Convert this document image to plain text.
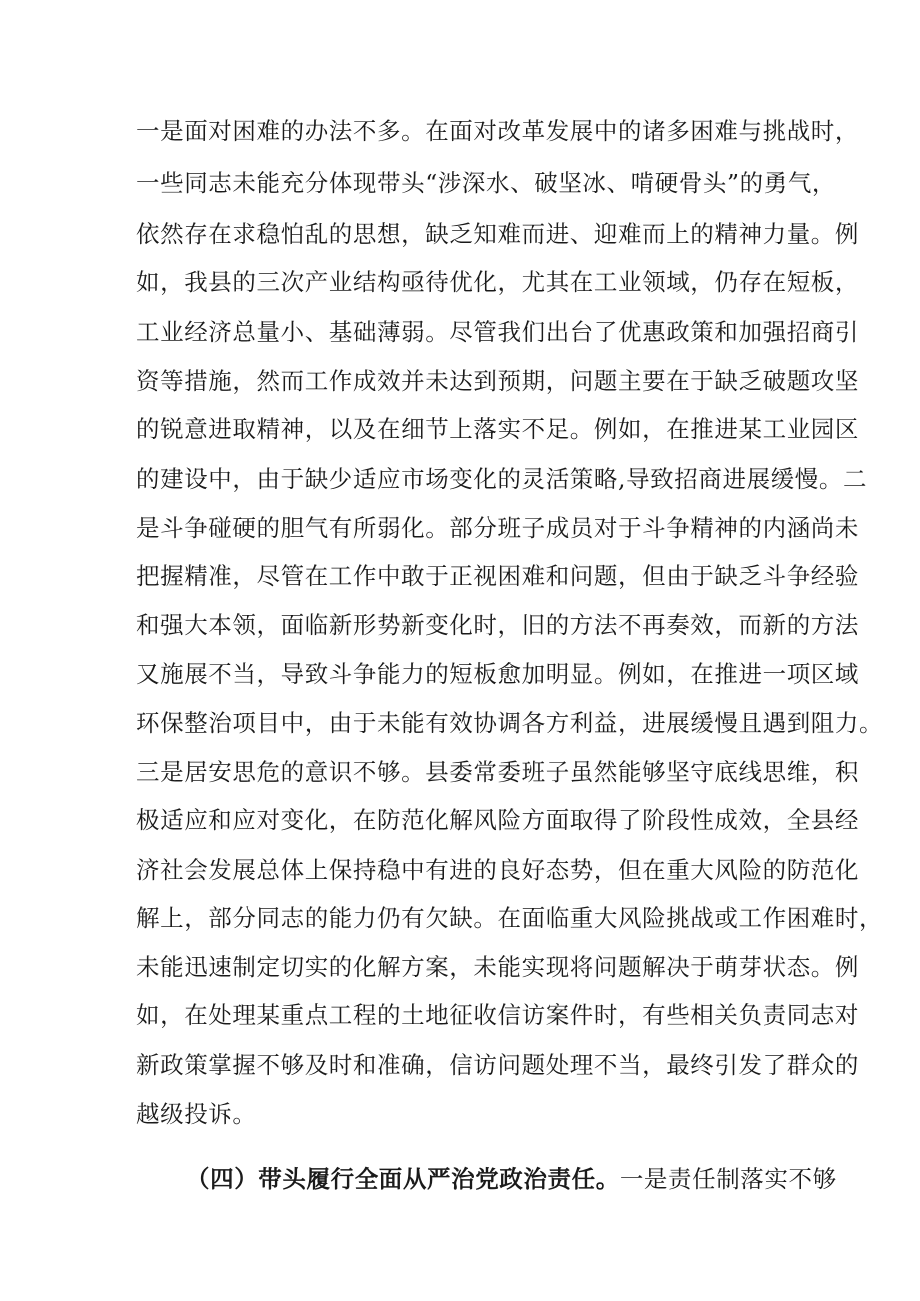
一是面对困难的办法不多。在面对改革发展中的诸多困难与挑战时，
一些同志未能充分体现带头“涉深水、破坚冰、啃硬骨头”的勇气，
依然存在求稳怕乱的思想，缺乏知难而进、迎难而上的精神力量。例
如，我县的三次产业结构亟待优化，尤其在工业领域，仍存在短板，
工业经济总量小、基础薄弱。尽管我们出台了优惠政策和加强招商引
资等措施，然而工作成效并未达到预期，问题主要在于缺乏破题攻坚
的锐意进取精神，以及在细节上落实不足。例如，在推进某工业园区
的建设中，由于缺少适应市场变化的灵活策略,导致招商进展缓慢。二
是斗争碰硬的胆气有所弱化。部分班子成员对于斗争精神的内涵尚未
把握精准，尽管在工作中敢于正视困难和问题，但由于缺乏斗争经验
和强大本领，面临新形势新变化时，旧的方法不再奏效，而新的方法
又施展不当，导致斗争能力的短板愈加明显。例如，在推进一项区域
环保整治项目中，由于未能有效协调各方利益，进展缓慢且遇到阻力。
三是居安思危的意识不够。县委常委班子虽然能够坚守底线思维，积
极适应和应对变化，在防范化解风险方面取得了阶段性成效，全县经
济社会发展总体上保持稳中有进的良好态势，但在重大风险的防范化
解上，部分同志的能力仍有欠缺。在面临重大风险挑战或工作困难时，
未能迅速制定切实的化解方案，未能实现将问题解决于萌芽状态。例
如，在处理某重点工程的土地征收信访案件时，有些相关负责同志对
新政策掌握不够及时和准确，信访问题处理不当，最终引发了群众的
越级投诉。
（四）带头履行全面从严治党政治责任。一是责任制落实不够
